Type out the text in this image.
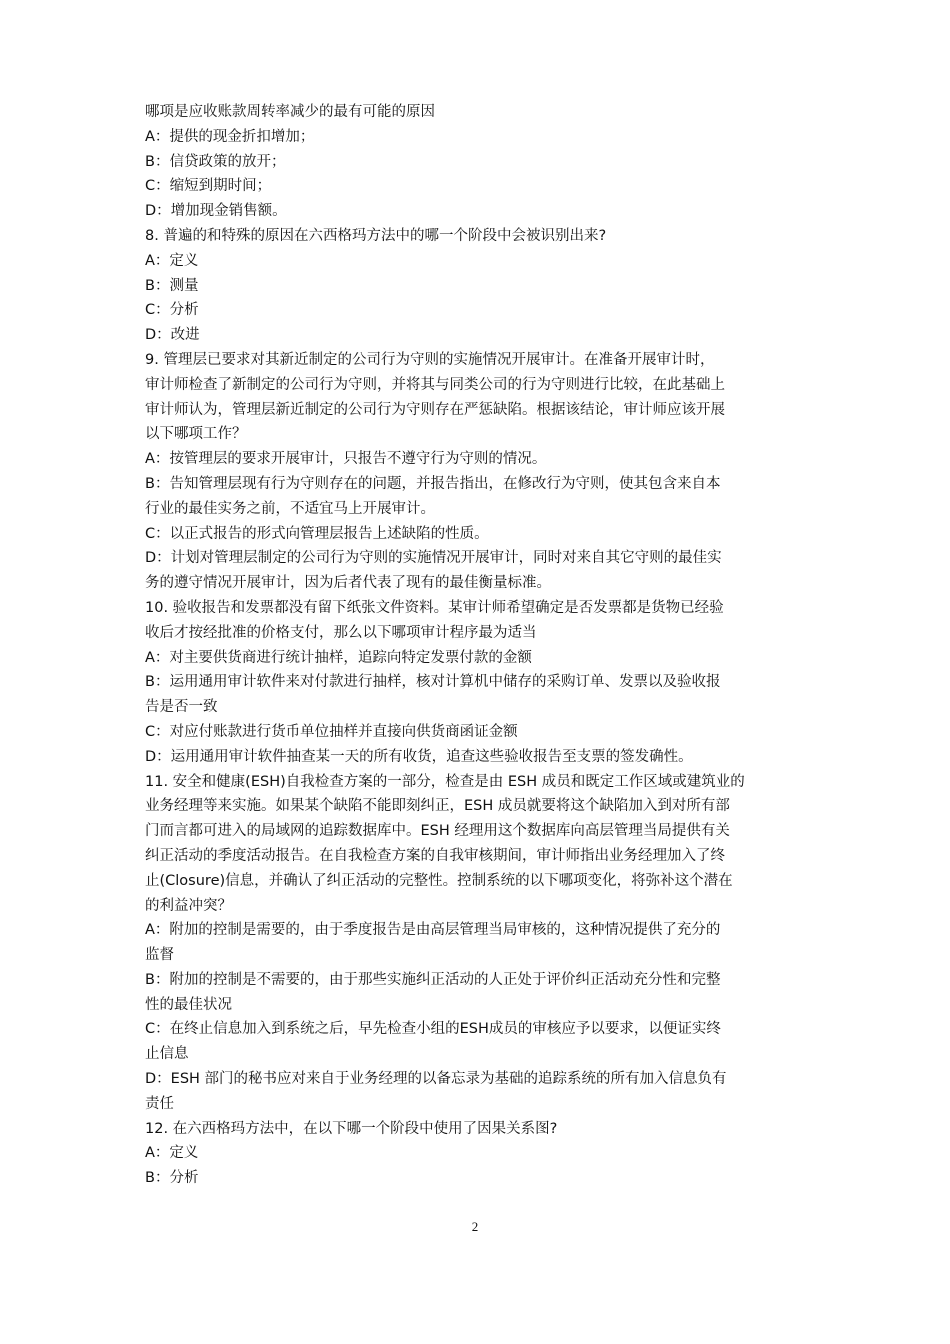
哪项是应收账款周转率减少的最有可能的原因
A：提供的现金折扣增加；
B：信贷政策的放开；
C：缩短到期时间；
D：增加现金销售额。
8. 普遍的和特殊的原因在六西格玛方法中的哪一个阶段中会被识别出来?
A：定义
B：测量
C：分析
D：改进
9. 管理层已要求对其新近制定的公司行为守则的实施情况开展审计。在准备开展审计时，
审计师检查了新制定的公司行为守则，并将其与同类公司的行为守则进行比较，在此基础上
审计师认为，管理层新近制定的公司行为守则存在严惩缺陷。根据该结论，审计师应该开展
以下哪项工作？
A：按管理层的要求开展审计，只报告不遵守行为守则的情况。
B：告知管理层现有行为守则存在的问题，并报告指出，在修改行为守则，使其包含来自本
行业的最佳实务之前，不适宜马上开展审计。
C：以正式报告的形式向管理层报告上述缺陷的性质。
D：计划对管理层制定的公司行为守则的实施情况开展审计，同时对来自其它守则的最佳实
务的遵守情况开展审计，因为后者代表了现有的最佳衡量标准。
10. 验收报告和发票都没有留下纸张文件资料。某审计师希望确定是否发票都是货物已经验
收后才按经批准的价格支付，那么以下哪项审计程序最为适当
A：对主要供货商进行统计抽样，追踪向特定发票付款的金额
B：运用通用审计软件来对付款进行抽样，核对计算机中储存的采购订单、发票以及验收报
告是否一致
C：对应付账款进行货币单位抽样并直接向供货商函证金额
D：运用通用审计软件抽查某一天的所有收货，追查这些验收报告至支票的签发确性。
11. 安全和健康(ESH)自我检查方案的一部分，检查是由 ESH 成员和既定工作区域或建筑业的
业务经理等来实施。如果某个缺陷不能即刻纠正，ESH 成员就要将这个缺陷加入到对所有部
门而言都可进入的局域网的追踪数据库中。ESH 经理用这个数据库向高层管理当局提供有关
纠正活动的季度活动报告。在自我检查方案的自我审核期间，审计师指出业务经理加入了终
止(Closure)信息，并确认了纠正活动的完整性。控制系统的以下哪项变化，将弥补这个潜在
的利益冲突？
A：附加的控制是需要的，由于季度报告是由高层管理当局审核的，这种情况提供了充分的
监督
B：附加的控制是不需要的，由于那些实施纠正活动的人正处于评价纠正活动充分性和完整
性的最佳状况
C：在终止信息加入到系统之后，早先检查小组的ESH成员的审核应予以要求，以便证实终
止信息
D：ESH 部门的秘书应对来自于业务经理的以备忘录为基础的追踪系统的所有加入信息负有
责任
12. 在六西格玛方法中，在以下哪一个阶段中使用了因果关系图?
A：定义
B：分析
2
